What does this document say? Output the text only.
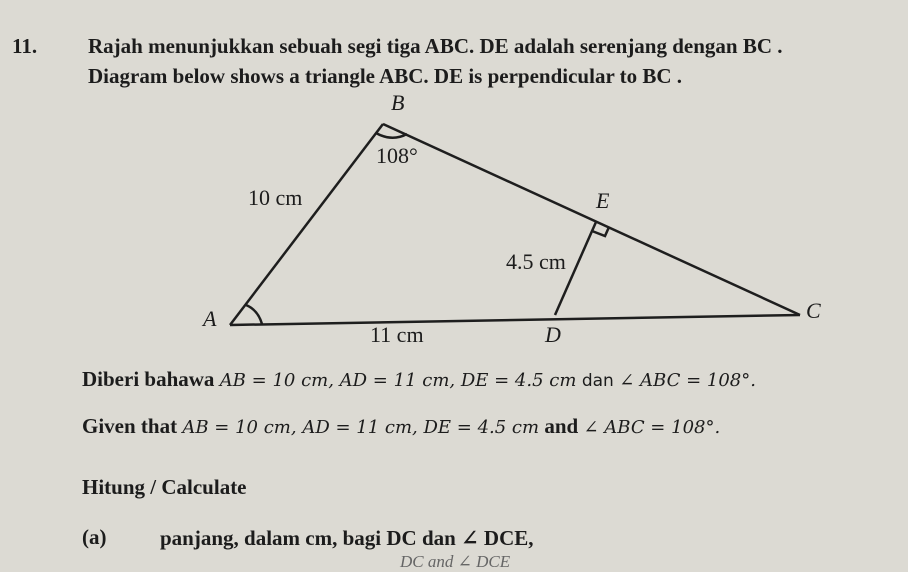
11. Rajah menunjukkan sebuah segi tiga ABC. DE adalah serenjang dengan BC .
Diagram below shows a triangle ABC. DE is perpendicular to BC .
B
108°
10 cm	E
4.5 cm
A	C
11 cm	D
Diberi bahawa AB = 10 cm, AD = 11 cm, DE = 4.5 cm dan ∠ ABC = 108°.
Given that AB = 10 cm, AD = 11 cm, DE = 4.5 cm and ∠ ABC = 108°.
Hitung / Calculate
(a)	panjang, dalam cm, bagi DC dan ∠ DCE,
DC and ∠ DCE
